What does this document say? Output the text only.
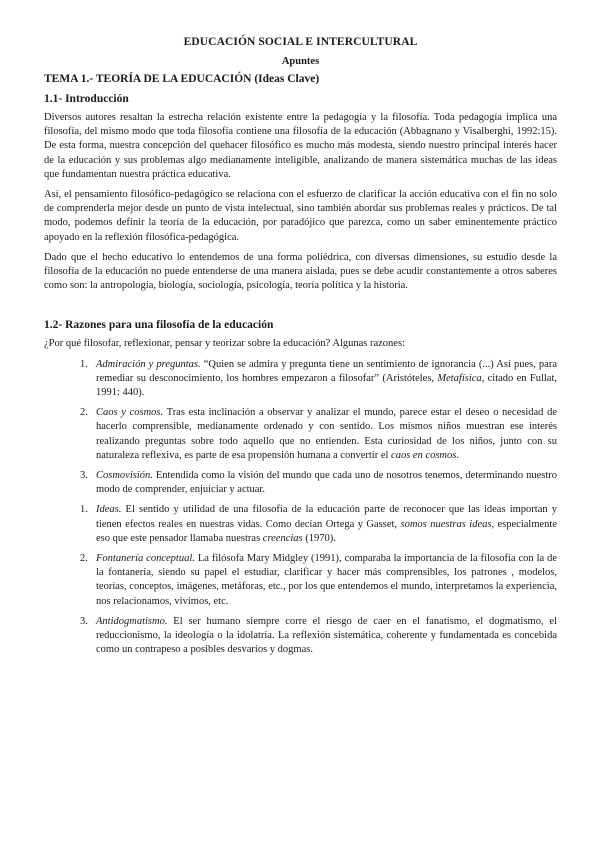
EDUCACIÓN SOCIAL E INTERCULTURAL
Apuntes
TEMA 1.- TEORÍA DE LA EDUCACIÓN (Ideas Clave)
1.1- Introducción

Diversos autores resaltan la estrecha relación existente entre la pedagogía y la filosofía. Toda pedagogía implica una filosofía, del mismo modo que toda filosofía contiene una filosofía de la educación (Abbagnano y Visalberghi, 1992:15). De esta forma, nuestra concepción del quehacer filosófico es mucho más modesta, siendo nuestro principal interés hacer de la educación y sus problemas algo medianamente inteligible, analizando de manera sistemática muchas de las ideas que fundamentan nuestra práctica educativa.

Así, el pensamiento filosófico-pedagógico se relaciona con el esfuerzo de clarificar la acción educativa con el fin no solo de comprenderla mejor desde un punto de vista intelectual, sino también abordar sus problemas reales y prácticos. De tal modo, podemos definir la teoría de la educación, por paradójico que parezca, como un saber eminentemente práctico apoyado en la reflexión filosófica-pedagógica.

Dado que el hecho educativo lo entendemos de una forma poliédrica, con diversas dimensiones, su estudio desde la filosofía de la educación no puede entenderse de una manera aislada, pues se debe acudir constantemente a otros saberes como son: la antropología, biología, sociología, psicología, teoría política y la historia.

1.2- Razones para una filosofía de la educación

¿Por qué filosofar, reflexionar, pensar y teorizar sobre la educación? Algunas razones:

1. Admiración y preguntas. “Quien se admira y pregunta tiene un sentimiento de ignorancia (...) Así pues, para remediar su desconocimiento, los hombres empezaron a filosofar” (Aristóteles, Metafísica, citado en Fullat, 1991: 440).
2. Caos y cosmos. Tras esta inclinación a observar y analizar el mundo, parece estar el deseo o necesidad de hacerlo comprensible, medianamente ordenado y con sentido. Los mismos niños muestran ese interés realizando preguntas sobre todo aquello que no entienden. Esta curiosidad de los niños, junto con su naturaleza reflexiva, es parte de esa propensión humana a convertir el caos en cosmos.
3. Cosmovisión. Entendida como la visión del mundo que cada uno de nosotros tenemos, determinando nuestro modo de comprender, enjuiciar y actuar.
1. Ideas. El sentido y utilidad de una filosofía de la educación parte de reconocer que las ideas importan y tienen efectos reales en nuestras vidas. Como decían Ortega y Gasset, somos nuestras ideas, especialmente eso que este pensador llamaba nuestras creencias (1970).
2. Fontanería conceptual. La filósofa Mary Midgley (1991), comparaba la importancia de la filosofía con la de la fontanería, siendo su papel el estudiar, clarificar y hacer más comprensibles, los patrones , modelos, teorías, conceptos, imágenes, metáforas, etc., por los que entendemos el mundo, interpretamos la experiencia, nos relacionamos, vivimos, etc.
3. Antidogmatismo. El ser humano siempre corre el riesgo de caer en el fanatismo, el dogmatismo, el reduccionismo, la ideología o la idolatría. La reflexión sistemática, coherente y fundamentada es concebida como un contrapeso a posibles desvaríos y dogmas.
